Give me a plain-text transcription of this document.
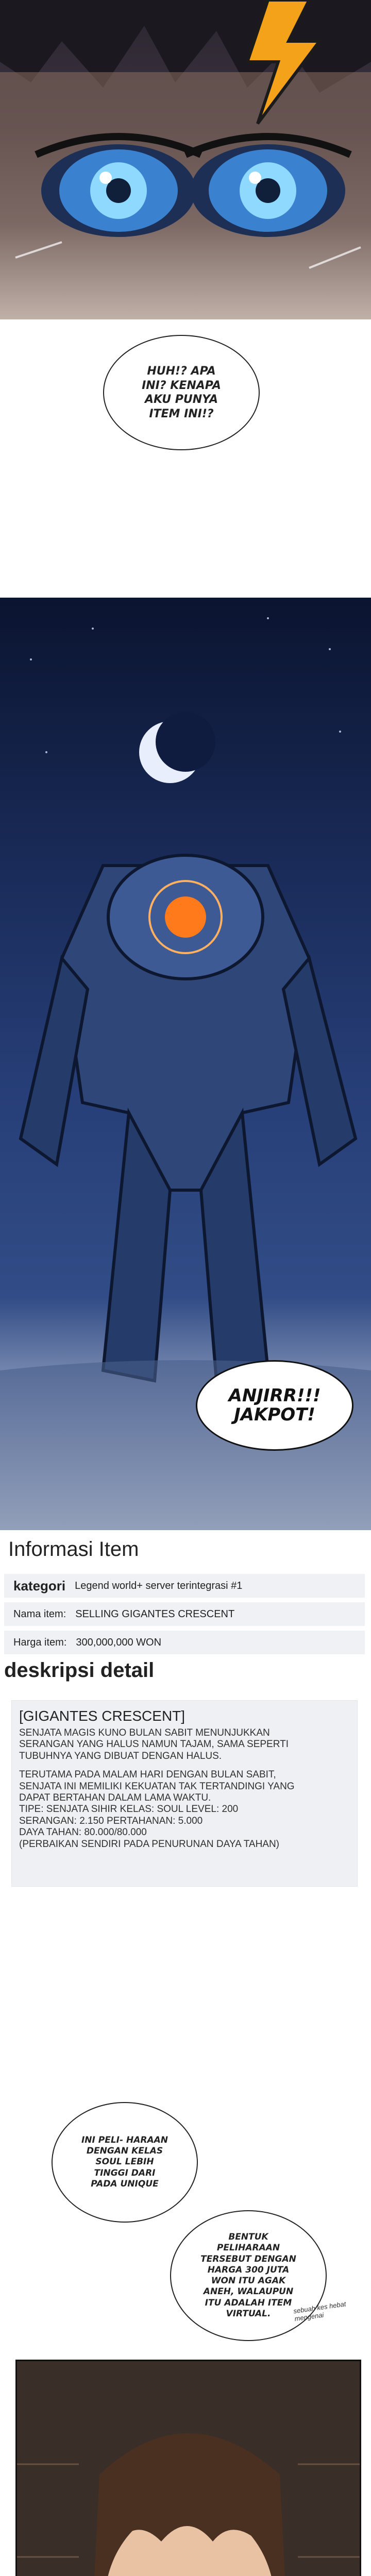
HUH!? APA INI? KENAPA AKU PUNYA ITEM INI!?
ANJIRR!!! JAKPOT!
Informasi Item
kategori Legend world+ server terintegrasi #1
Nama item: SELLING GIGANTES CRESCENT
Harga item: 300,000,000 WON
deskripsi detail

[GIGANTES CRESCENT]

SENJATA MAGIS KUNO BULAN SABIT MENUNJUKKAN

SERANGAN YANG HALUS NAMUN TAJAM, SAMA SEPERTI

TUBUHNYA YANG DIBUAT DENGAN HALUS.

TERUTAMA PADA MALAM HARI DENGAN BULAN SABIT,

SENJATA INI MEMILIKI KEKUATAN TAK TERTANDINGI YANG

DAPAT BERTAHAN DALAM LAMA WAKTU.

TIPE: SENJATA SIHIR KELAS: SOUL LEVEL: 200

SERANGAN: 2.150 PERTAHANAN: 5.000

DAYA TAHAN: 80.000/80.000

(PERBAIKAN SENDIRI PADA PENURUNAN DAYA TAHAN)

INI PELI- HARAAN DENGAN KELAS SOUL LEBIH TINGGI DARI PADA UNIQUE
BENTUK PELIHARAAN TERSEBUT DENGAN HARGA 300 JUTA WON ITU AGAK ANEH, WALAUPUN ITU ADALAH ITEM VIRTUAL.	sebuah kes hebat mengenai
